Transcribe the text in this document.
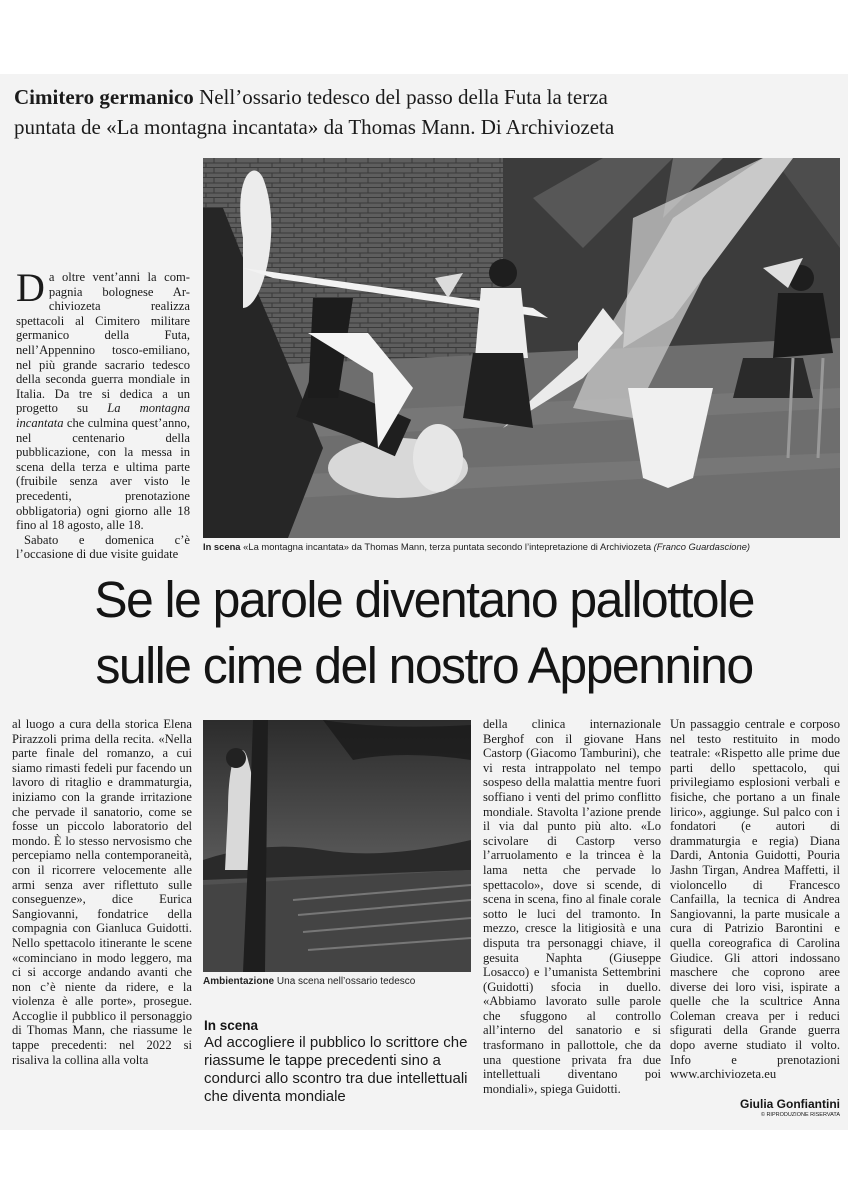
Cimitero germanico Nell’ossario tedesco del passo della Futa la terza
puntata de «La montagna incantata» da Thomas Mann. Di Archiviozeta

Da oltre vent’anni la com- pagnia bolognese Ar- chiviozeta realizza spettacoli al Cimitero militare germanico della Futa, nell’Appennino tosco-emiliano, nel più grande sacrario tedesco della seconda guerra mondiale in Italia. Da tre si dedica a un progetto su La montagna incantata che culmina quest’anno, nel centenario della pubblicazione, con la messa in scena della terza e ultima parte (fruibile senza aver visto le precedenti, prenotazione obbligatoria) ogni giorno alle 18 fino al 18 agosto, alle 18.

Sabato e domenica c’è l’occasione di due visite guidate

In scena «La montagna incantata» da Thomas Mann, terza puntata secondo l’intepretazione di Archiviozeta (Franco Guardascione)
Se le parole diventano pallottole
sulle cime del nostro Appennino

al luogo a cura della storica Elena Pirazzoli prima della recita. «Nella parte finale del romanzo, a cui siamo rimasti fedeli pur facendo un lavoro di ritaglio e drammaturgia, iniziamo con la grande irritazione che pervade il sanatorio, come se fosse un piccolo laboratorio del mondo. È lo stesso nervosismo che percepiamo nella contemporaneità, con il ricorrere velocemente alle armi senza aver riflettuto sulle conseguenze», dice Eurica Sangiovanni, fondatrice della compagnia con Gianluca Guidotti. Nello spettacolo itinerante le scene «cominciano in modo leggero, ma ci si accorge andando avanti che non c’è niente da ridere, e la violenza è alle porte», prosegue. Accoglie il pubblico il personaggio di Thomas Mann, che riassume le tappe precedenti: nel 2022 si risaliva la collina alla volta

Ambientazione Una scena nell’ossario tedesco
In scena
Ad accogliere il pubblico lo scrittore che riassume le tappe precedenti sino a condurci allo scontro tra due intellettuali che diventa mondiale

della clinica internazionale Berghof con il giovane Hans Castorp (Giacomo Tamburini), che vi resta intrappolato nel tempo sospeso della malattia mentre fuori soffiano i venti del primo conflitto mondiale. Stavolta l’azione prende il via dal punto più alto. «Lo scivolare di Castorp verso l’arruolamento e la trincea è la lama netta che pervade lo spettacolo», dove si scende, di scena in scena, fino al finale corale sotto le luci del tramonto. In mezzo, cresce la litigiosità e una disputa tra personaggi chiave, il gesuita Naphta (Giuseppe Losacco) e l’umanista Settembrini (Guidotti) sfocia in duello. «Abbiamo lavorato sulle parole che sfuggono al controllo all’interno del sanatorio e si trasformano in pallottole, che da una questione privata fra due intellettuali diventano poi mondiali», spiega Guidotti.

Un passaggio centrale e corposo nel testo restituito in modo teatrale: «Rispetto alle prime due parti dello spettacolo, qui privilegiamo esplosioni verbali e fisiche, che portano a un finale lirico», aggiunge. Sul palco con i fondatori (e autori di drammaturgia e regia) Diana Dardi, Antonia Guidotti, Pouria Jashn Tirgan, Andrea Maffetti, il violoncello di Francesco Canfailla, la tecnica di Andrea Sangiovanni, la parte musicale a cura di Patrizio Barontini e quella coreografica di Carolina Giudice. Gli attori indossano maschere che coprono aree diverse dei loro visi, ispirate a quelle che la scultrice Anna Coleman creava per i reduci sfigurati della Grande guerra dopo averne studiato il volto. Info e prenotazioni www.archiviozeta.eu

Giulia Gonfiantini
© RIPRODUZIONE RISERVATA
